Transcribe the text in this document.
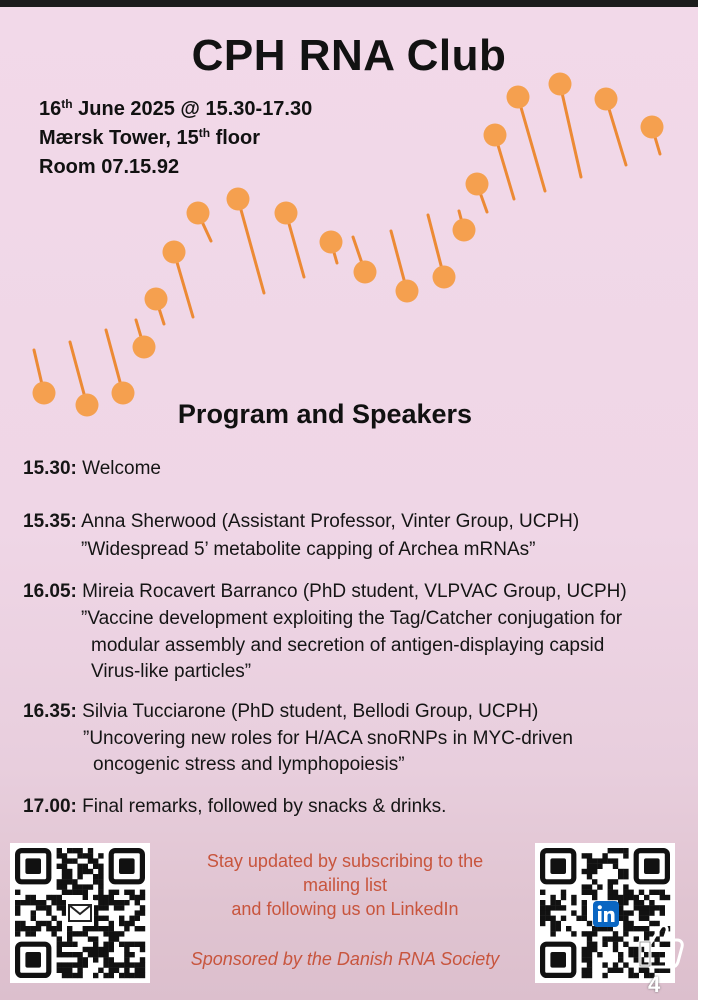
CPH RNA Club
16th June 2025 @ 15.30-17.30
Mærsk Tower, 15th floor
Room 07.15.92
Program and Speakers
15.30: Welcome
15.35: Anna Sherwood (Assistant Professor, Vinter Group, UCPH)
”Widespread 5’ metabolite capping of Archea mRNAs”
16.05: Mireia Rocavert Barranco (PhD student, VLPVAC Group, UCPH)
”Vaccine development exploiting the Tag/Catcher conjugation for
modular assembly and secretion of antigen-displaying capsid
Virus-like particles”
16.35: Silvia Tucciarone (PhD student, Bellodi Group, UCPH)
”Uncovering new roles for H/ACA snoRNPs in MYC-driven
oncogenic stress and lymphopoiesis”
17.00: Final remarks, followed by snacks & drinks.
Stay updated by subscribing to the
mailing list
and following us on LinkedIn
Sponsored by the Danish RNA Society
4
